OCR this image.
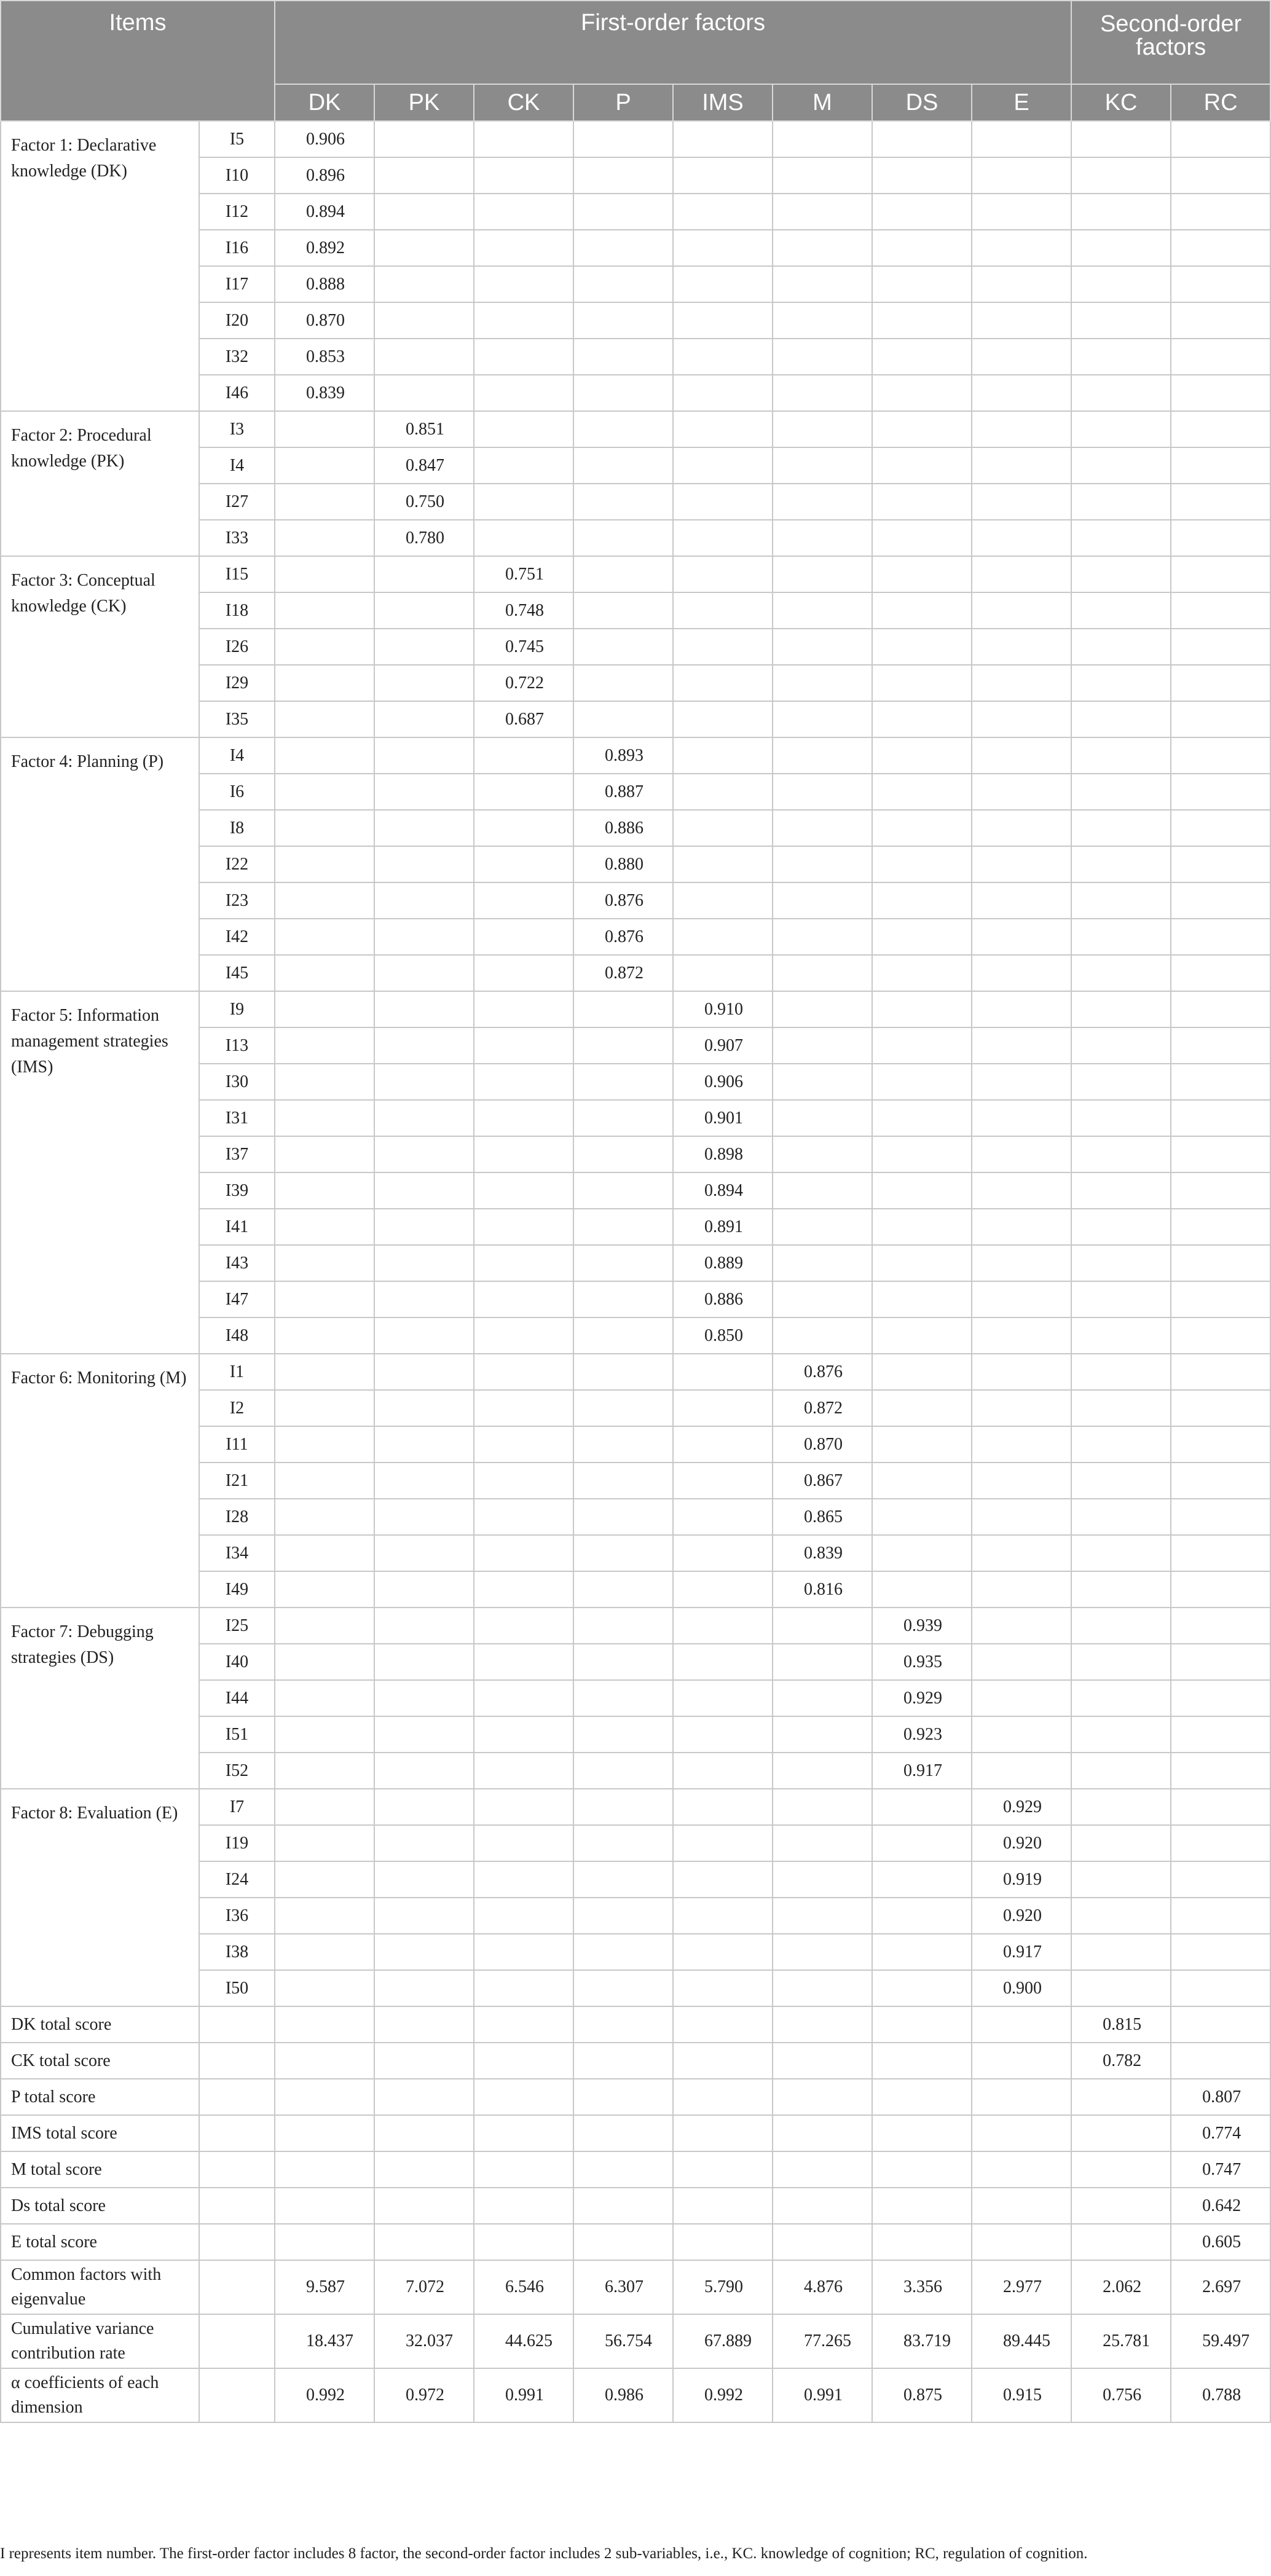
Items		First-order factors								Second-order factors	
		DK	PK	CK	P	IMS	M	DS	E	KC	RC
Factor 1: Declarative knowledge (DK)	I5	0.906									
	I10	0.896									
	I12	0.894									
	I16	0.892									
	I17	0.888									
	I20	0.870									
	I32	0.853									
	I46	0.839									
Factor 2: Procedural knowledge (PK)	I3		0.851								
	I4		0.847								
	I27		0.750								
	I33		0.780								
Factor 3: Conceptual knowledge (CK)	I15			0.751							
	I18			0.748							
	I26			0.745							
	I29			0.722							
	I35			0.687							
Factor 4: Planning (P)	I4				0.893						
	I6				0.887						
	I8				0.886						
	I22				0.880						
	I23				0.876						
	I42				0.876						
	I45				0.872						
Factor 5: Information management strategies (IMS)	I9					0.910					
	I13					0.907					
	I30					0.906					
	I31					0.901					
	I37					0.898					
	I39					0.894					
	I41					0.891					
	I43					0.889					
	I47					0.886					
	I48					0.850					
Factor 6: Monitoring (M)	I1						0.876				
	I2						0.872				
	I11						0.870				
	I21						0.867				
	I28						0.865				
	I34						0.839				
	I49						0.816				
Factor 7: Debugging strategies (DS)	I25							0.939			
	I40							0.935			
	I44							0.929			
	I51							0.923			
	I52							0.917			
Factor 8: Evaluation (E)	I7								0.929		
	I19								0.920		
	I24								0.919		
	I36								0.920		
	I38								0.917		
	I50								0.900		
DK total score										0.815	
CK total score										0.782	
P total score											0.807
IMS total score											0.774
M total score											0.747
Ds total score											0.642
E total score											0.605
Common factors with eigenvalue		9.587	7.072	6.546	6.307	5.790	4.876	3.356	2.977	2.062	2.697
Cumulative variance contribution rate		18.437	32.037	44.625	56.754	67.889	77.265	83.719	89.445	25.781	59.497
α coefficients of each dimension		0.992	0.972	0.991	0.986	0.992	0.991	0.875	0.915	0.756	0.788
I represents item number. The first-order factor includes 8 factor, the second-order factor includes 2 sub-variables, i.e., KC. knowledge of cognition; RC, regulation of cognition.
